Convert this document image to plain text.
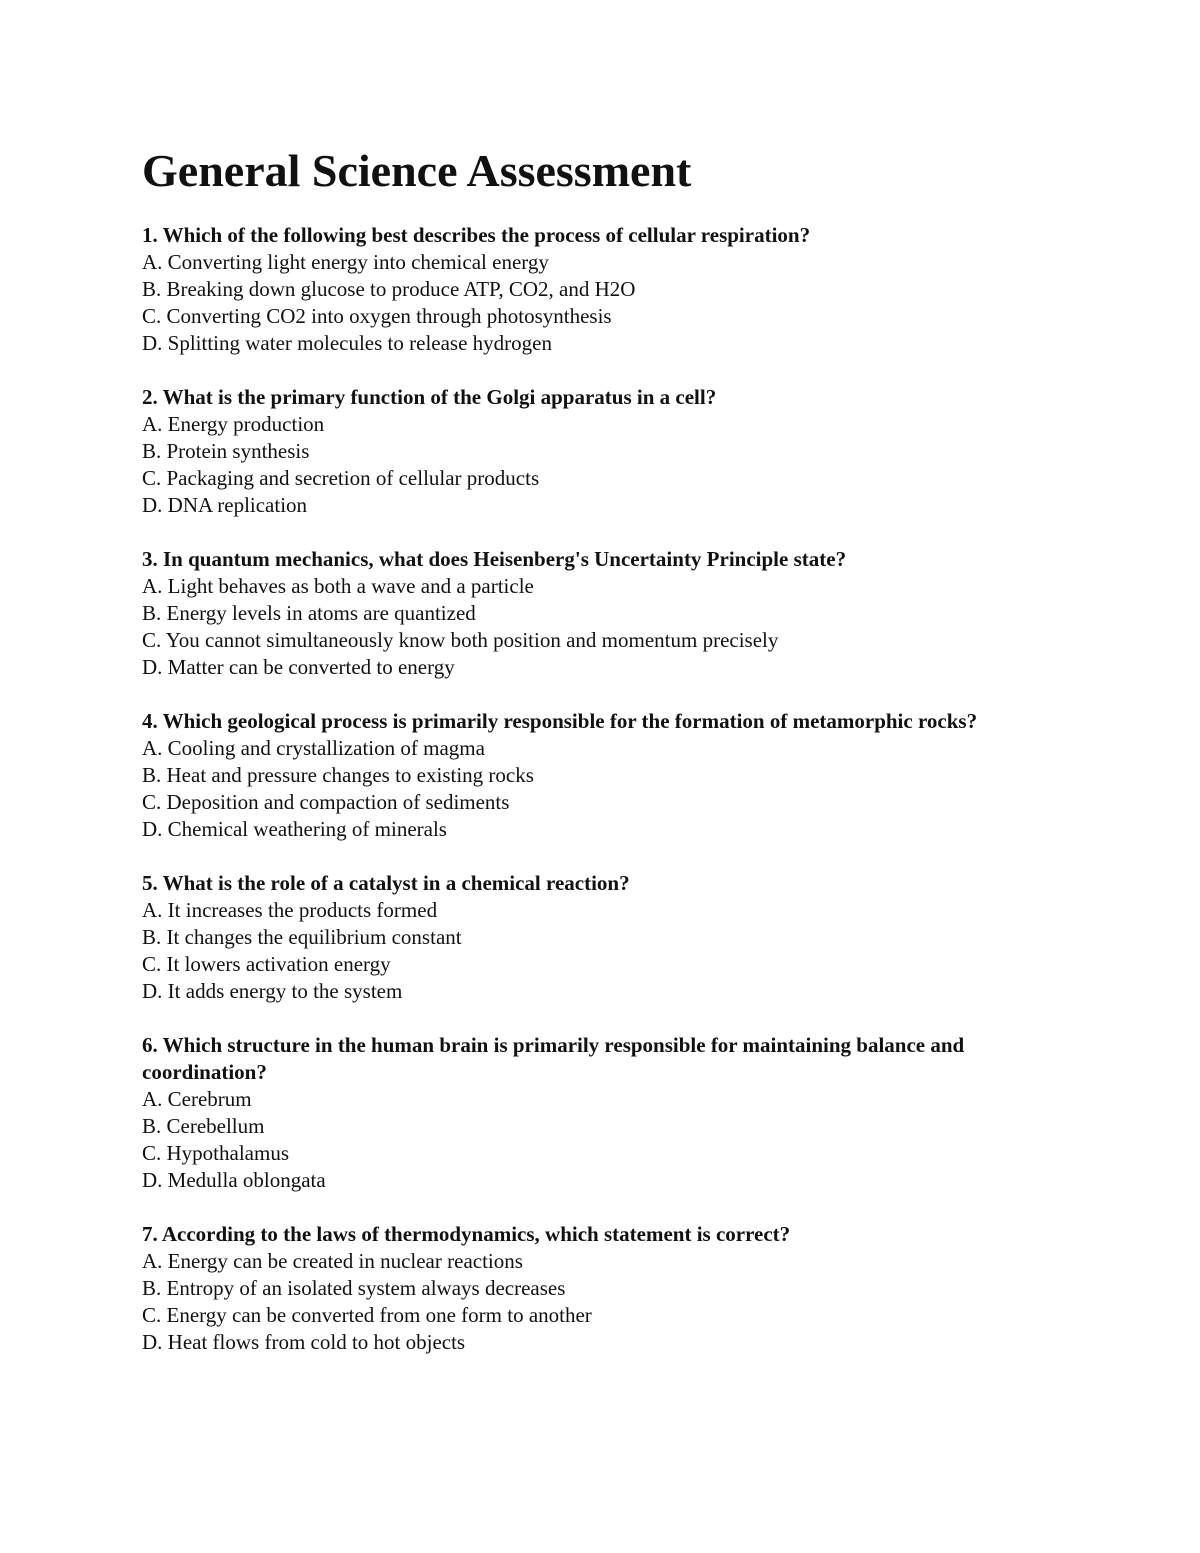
General Science Assessment

1. Which of the following best describes the process of cellular respiration?

A. Converting light energy into chemical energy

B. Breaking down glucose to produce ATP, CO2, and H2O

C. Converting CO2 into oxygen through photosynthesis

D. Splitting water molecules to release hydrogen

2. What is the primary function of the Golgi apparatus in a cell?

A. Energy production

B. Protein synthesis

C. Packaging and secretion of cellular products

D. DNA replication

3. In quantum mechanics, what does Heisenberg's Uncertainty Principle state?

A. Light behaves as both a wave and a particle

B. Energy levels in atoms are quantized

C. You cannot simultaneously know both position and momentum precisely

D. Matter can be converted to energy

4. Which geological process is primarily responsible for the formation of metamorphic rocks?

A. Cooling and crystallization of magma

B. Heat and pressure changes to existing rocks

C. Deposition and compaction of sediments

D. Chemical weathering of minerals

5. What is the role of a catalyst in a chemical reaction?

A. It increases the products formed

B. It changes the equilibrium constant

C. It lowers activation energy

D. It adds energy to the system

6. Which structure in the human brain is primarily responsible for maintaining balance and coordination?

A. Cerebrum

B. Cerebellum

C. Hypothalamus

D. Medulla oblongata

7. According to the laws of thermodynamics, which statement is correct?

A. Energy can be created in nuclear reactions

B. Entropy of an isolated system always decreases

C. Energy can be converted from one form to another

D. Heat flows from cold to hot objects
